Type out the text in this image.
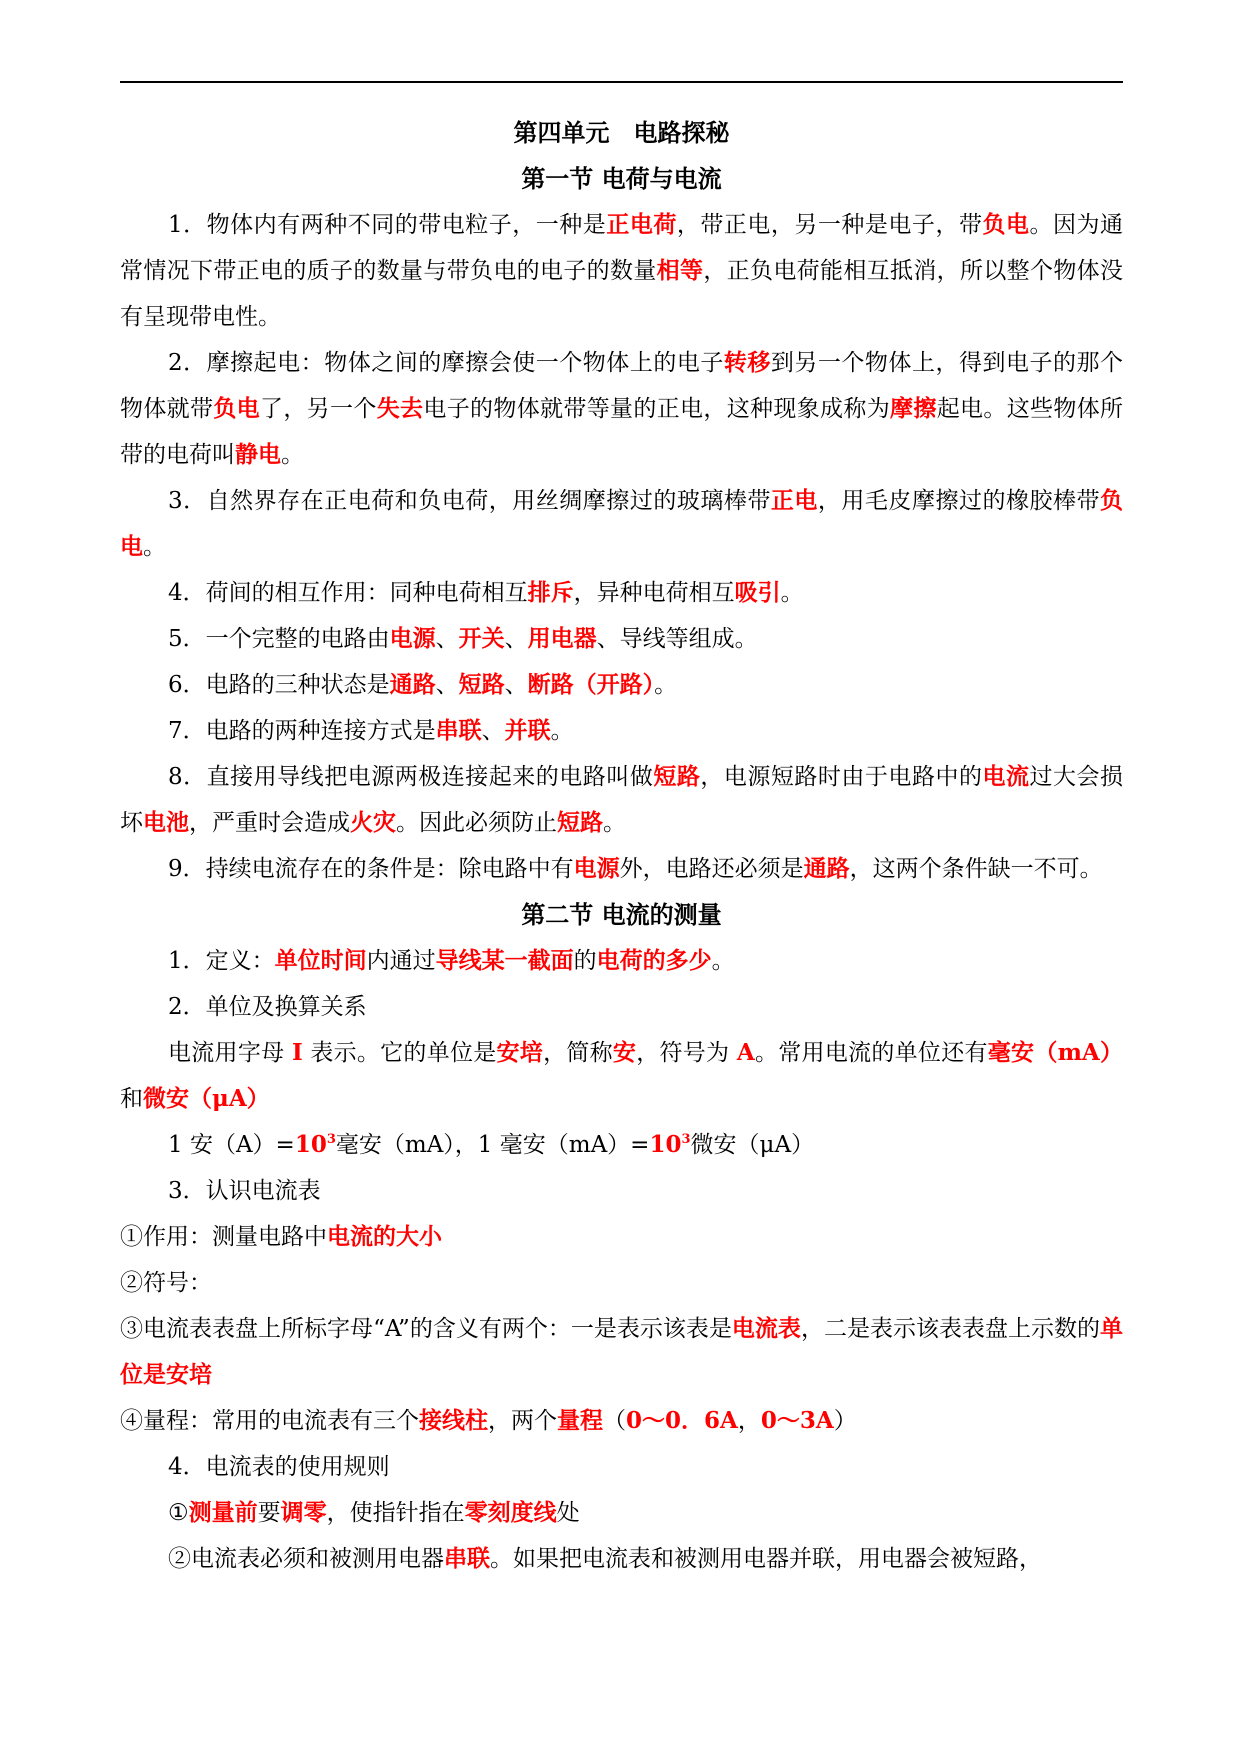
第四单元　电路探秘
第一节 电荷与电流

1．物体内有两种不同的带电粒子，一种是正电荷，带正电，另一种是电子，带负电。因为通常情况下带正电的质子的数量与带负电的电子的数量相等，正负电荷能相互抵消，所以整个物体没有呈现带电性。

2．摩擦起电：物体之间的摩擦会使一个物体上的电子转移到另一个物体上，得到电子的那个物体就带负电了，另一个失去电子的物体就带等量的正电，这种现象成称为摩擦起电。这些物体所带的电荷叫静电。

3．自然界存在正电荷和负电荷，用丝绸摩擦过的玻璃棒带正电，用毛皮摩擦过的橡胶棒带负电。

4．荷间的相互作用：同种电荷相互排斥，异种电荷相互吸引。

5．一个完整的电路由电源、开关、用电器、导线等组成。

6．电路的三种状态是通路、短路、断路（开路）。

7．电路的两种连接方式是串联、并联。

8．直接用导线把电源两极连接起来的电路叫做短路，电源短路时由于电路中的电流过大会损坏电池，严重时会造成火灾。因此必须防止短路。

9．持续电流存在的条件是：除电路中有电源外，电路还必须是通路，这两个条件缺一不可。

第二节 电流的测量

1．定义：单位时间内通过导线某一截面的电荷的多少。

2．单位及换算关系

电流用字母 I 表示。它的单位是安培，简称安，符号为 A。常用电流的单位还有毫安（mA）和微安（μA）

1 安$(A)=10^3$毫安（mA），1 毫安$(mA)=10^3$微安（μA）

3．认识电流表

①作用：测量电路中电流的大小

②符号：

③电流表表盘上所标字母“A”的含义有两个：一是表示该表是电流表，二是表示该表表盘上示数的单位是安培

④量程：常用的电流表有三个接线柱，两个量程（0～0．6A，0～3A）

4．电流表的使用规则

①测量前要调零，使指针指在零刻度线处

②电流表必须和被测用电器串联。如果把电流表和被测用电器并联，用电器会被短路，
